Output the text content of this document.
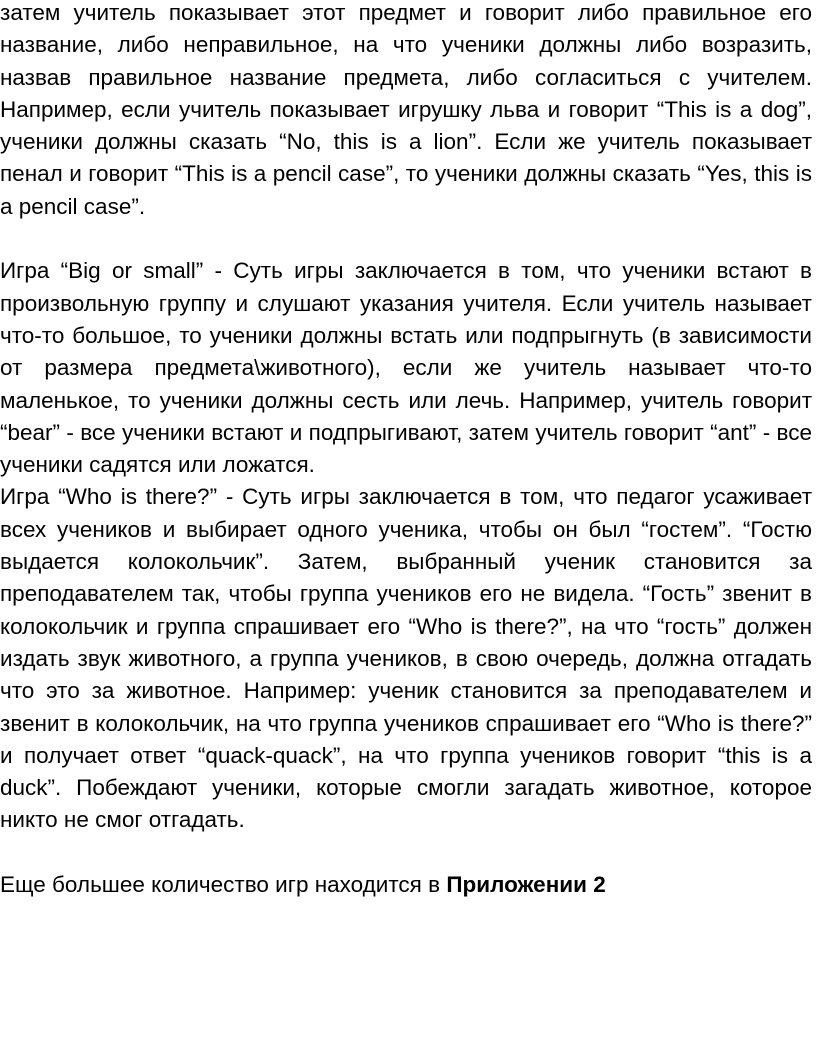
затем учитель показывает этот предмет и говорит либо правильное его название, либо неправильное, на что ученики должны либо возразить, назвав правильное название предмета, либо согласиться с учителем. Например, если учитель показывает игрушку льва и говорит “This is a dog”, ученики должны сказать “No, this is a lion”. Если же учитель показывает пенал и говорит “This is a pencil case”, то ученики должны сказать “Yes, this is a pencil case”.

Игра “Big or small” - Суть игры заключается в том, что ученики встают в произвольную группу и слушают указания учителя. Если учитель называет что-то большое, то ученики должны встать или подпрыгнуть (в зависимости от размера предмета\животного), если же учитель называет что-то маленькое, то ученики должны сесть или лечь. Например, учитель говорит “bear” - все ученики встают и подпрыгивают, затем учитель говорит “ant” - все ученики садятся или ложатся.

Игра “Who is there?” - Суть игры заключается в том, что педагог усаживает всех учеников и выбирает одного ученика, чтобы он был “гостем”. “Гостю выдается колокольчик”. Затем, выбранный ученик становится за преподавателем так, чтобы группа учеников его не видела. “Гость” звенит в колокольчик и группа спрашивает его “Who is there?”, на что “гость” должен издать звук животного, а группа учеников, в свою очередь, должна отгадать что это за животное. Например: ученик становится за преподавателем и звенит в колокольчик, на что группа учеников спрашивает его “Who is there?” и получает ответ “quack-quack”, на что группа учеников говорит “this is a duck”. Побеждают ученики, которые смогли загадать животное, которое никто не смог отгадать.

Еще большее количество игр находится в Приложении 2
